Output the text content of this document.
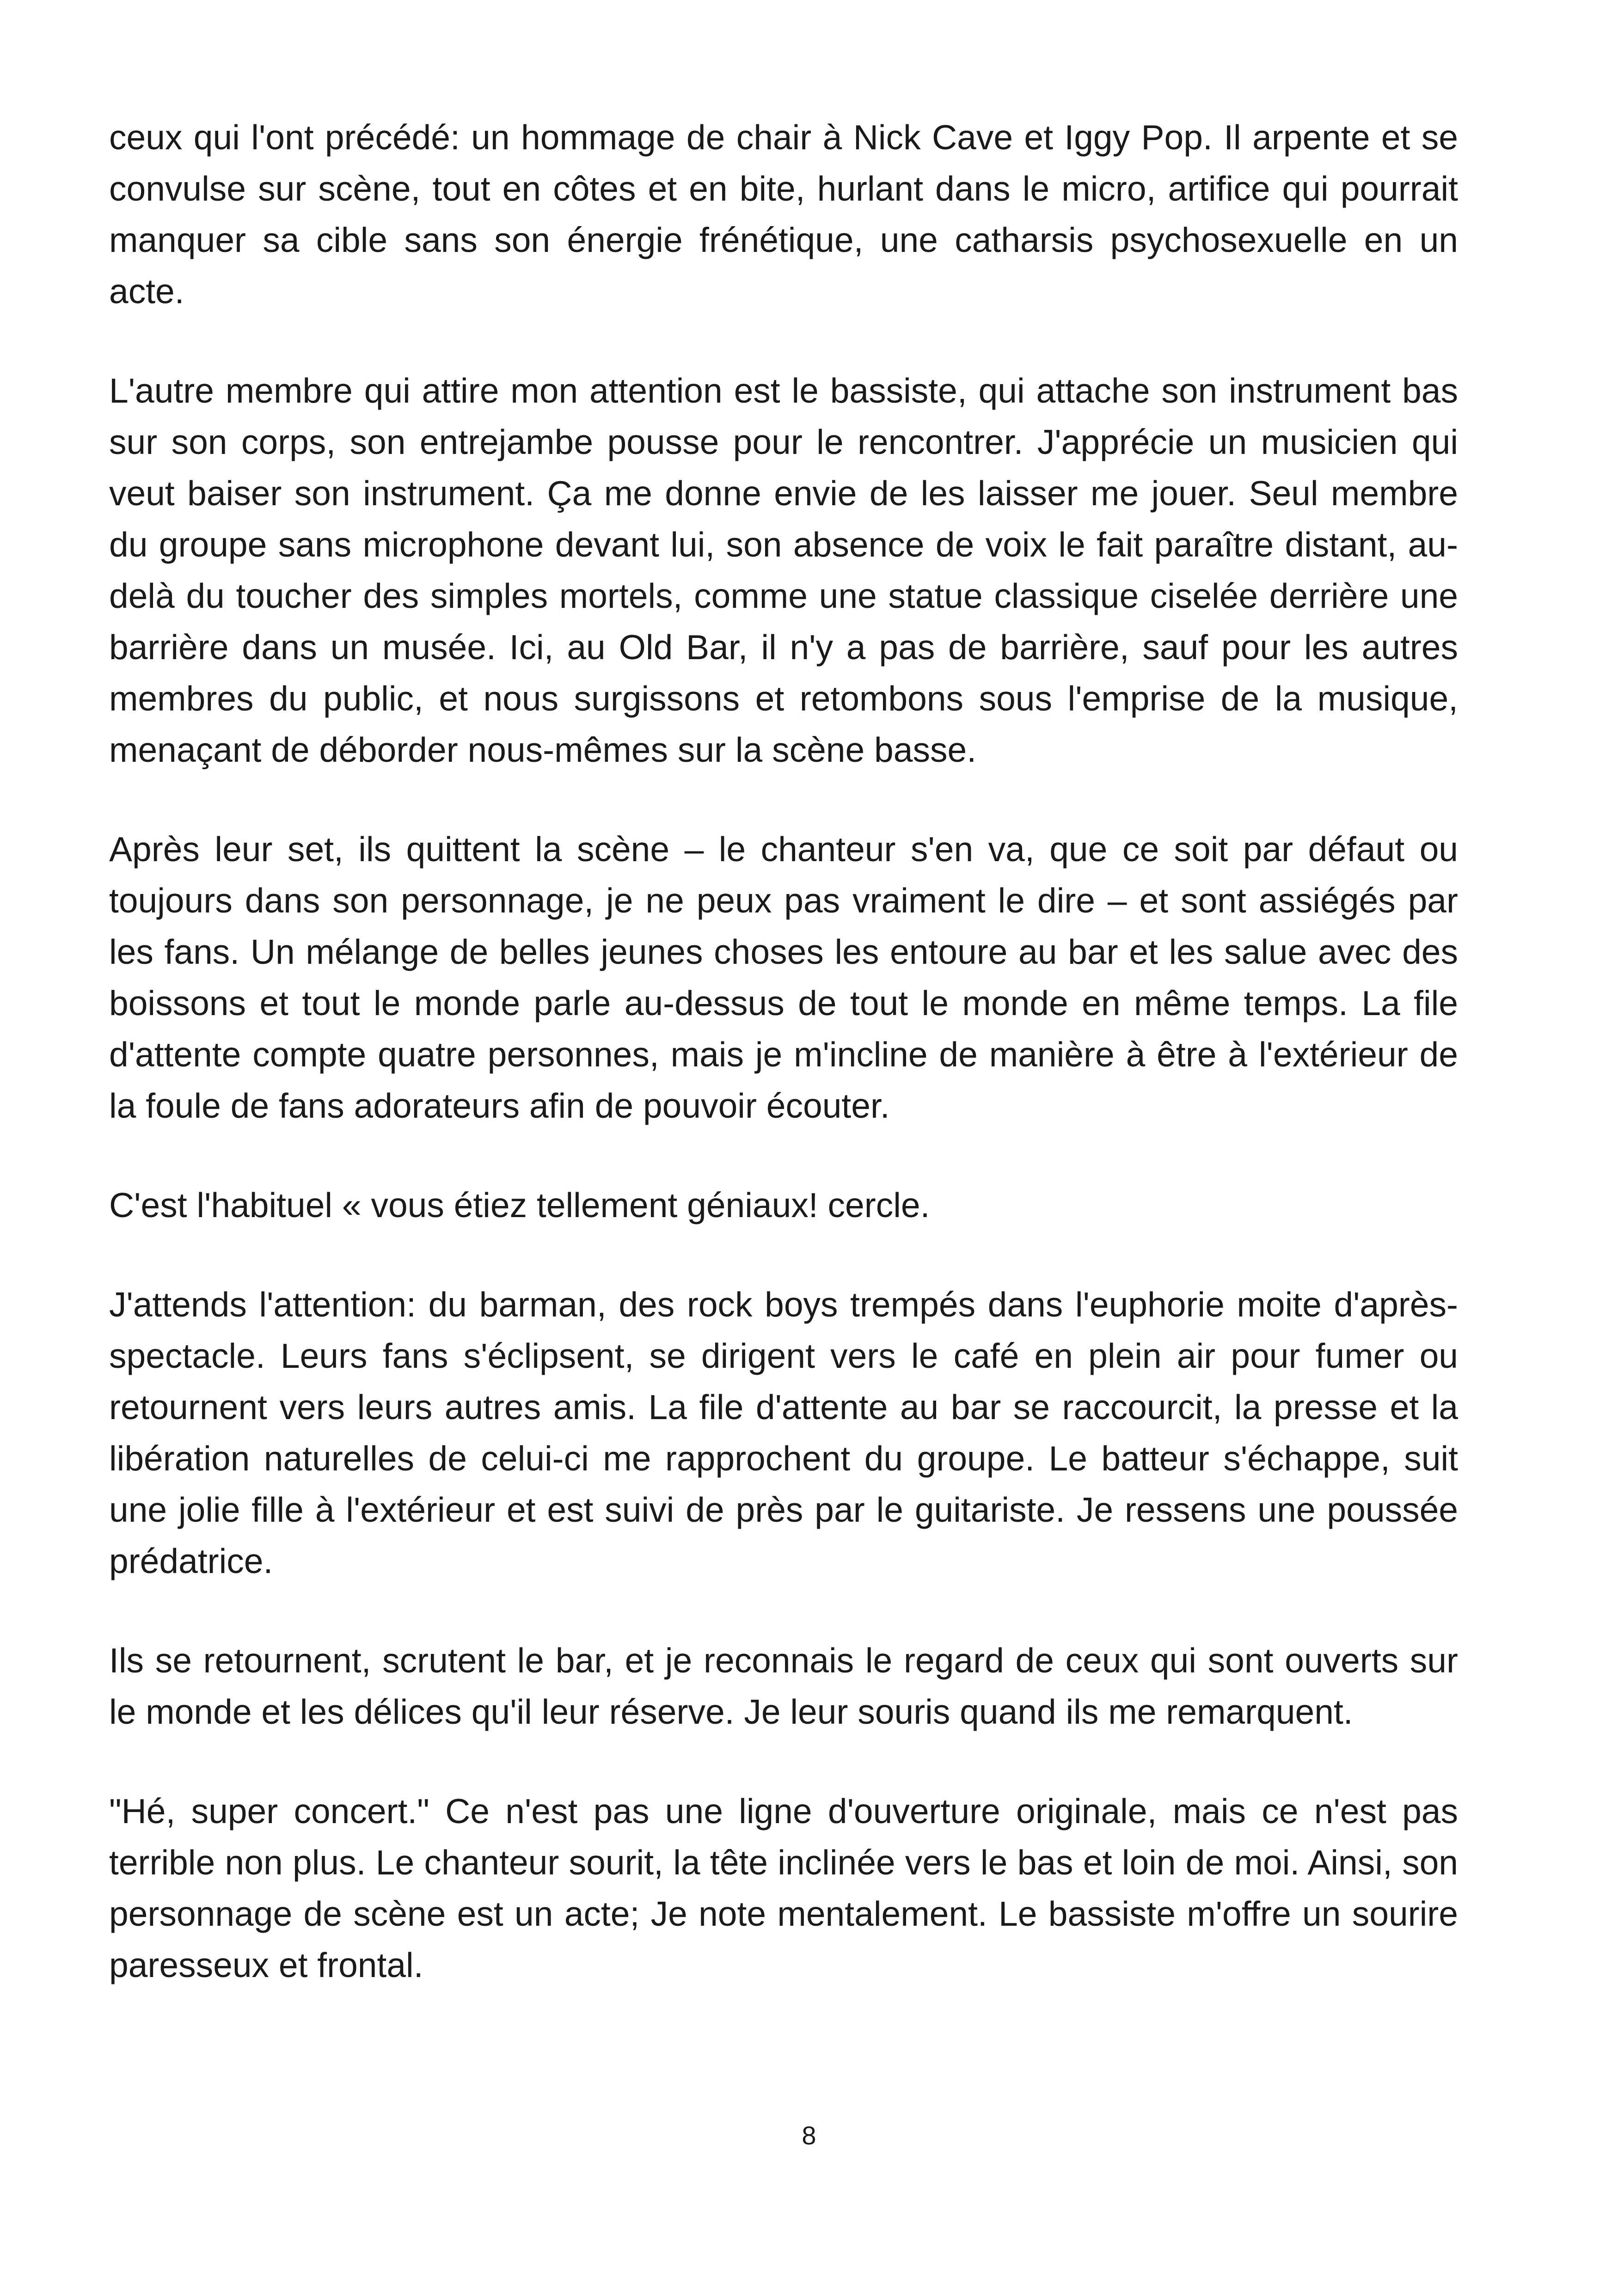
ceux qui l'ont précédé: un hommage de chair à Nick Cave et Iggy Pop. Il arpente et se convulse sur scène, tout en côtes et en bite, hurlant dans le micro, artifice qui pourrait manquer sa cible sans son énergie frénétique, une catharsis psychosexuelle en un acte.

L'autre membre qui attire mon attention est le bassiste, qui attache son instrument bas sur son corps, son entrejambe pousse pour le rencontrer. J'apprécie un musicien qui veut baiser son instrument. Ça me donne envie de les laisser me jouer. Seul membre du groupe sans microphone devant lui, son absence de voix le fait paraître distant, au-delà du toucher des simples mortels, comme une statue classique ciselée derrière une barrière dans un musée. Ici, au Old Bar, il n'y a pas de barrière, sauf pour les autres membres du public, et nous surgissons et retombons sous l'emprise de la musique, menaçant de déborder nous-mêmes sur la scène basse.

Après leur set, ils quittent la scène – le chanteur s'en va, que ce soit par défaut ou toujours dans son personnage, je ne peux pas vraiment le dire – et sont assiégés par les fans. Un mélange de belles jeunes choses les entoure au bar et les salue avec des boissons et tout le monde parle au-dessus de tout le monde en même temps. La file d'attente compte quatre personnes, mais je m'incline de manière à être à l'extérieur de la foule de fans adorateurs afin de pouvoir écouter.

C'est l'habituel « vous étiez tellement géniaux! cercle.

J'attends l'attention: du barman, des rock boys trempés dans l'euphorie moite d'après-spectacle. Leurs fans s'éclipsent, se dirigent vers le café en plein air pour fumer ou retournent vers leurs autres amis. La file d'attente au bar se raccourcit, la presse et la libération naturelles de celui-ci me rapprochent du groupe. Le batteur s'échappe, suit une jolie fille à l'extérieur et est suivi de près par le guitariste. Je ressens une poussée prédatrice.

Ils se retournent, scrutent le bar, et je reconnais le regard de ceux qui sont ouverts sur le monde et les délices qu'il leur réserve. Je leur souris quand ils me remarquent.

"Hé, super concert." Ce n'est pas une ligne d'ouverture originale, mais ce n'est pas terrible non plus. Le chanteur sourit, la tête inclinée vers le bas et loin de moi. Ainsi, son personnage de scène est un acte; Je note mentalement. Le bassiste m'offre un sourire paresseux et frontal.

8
